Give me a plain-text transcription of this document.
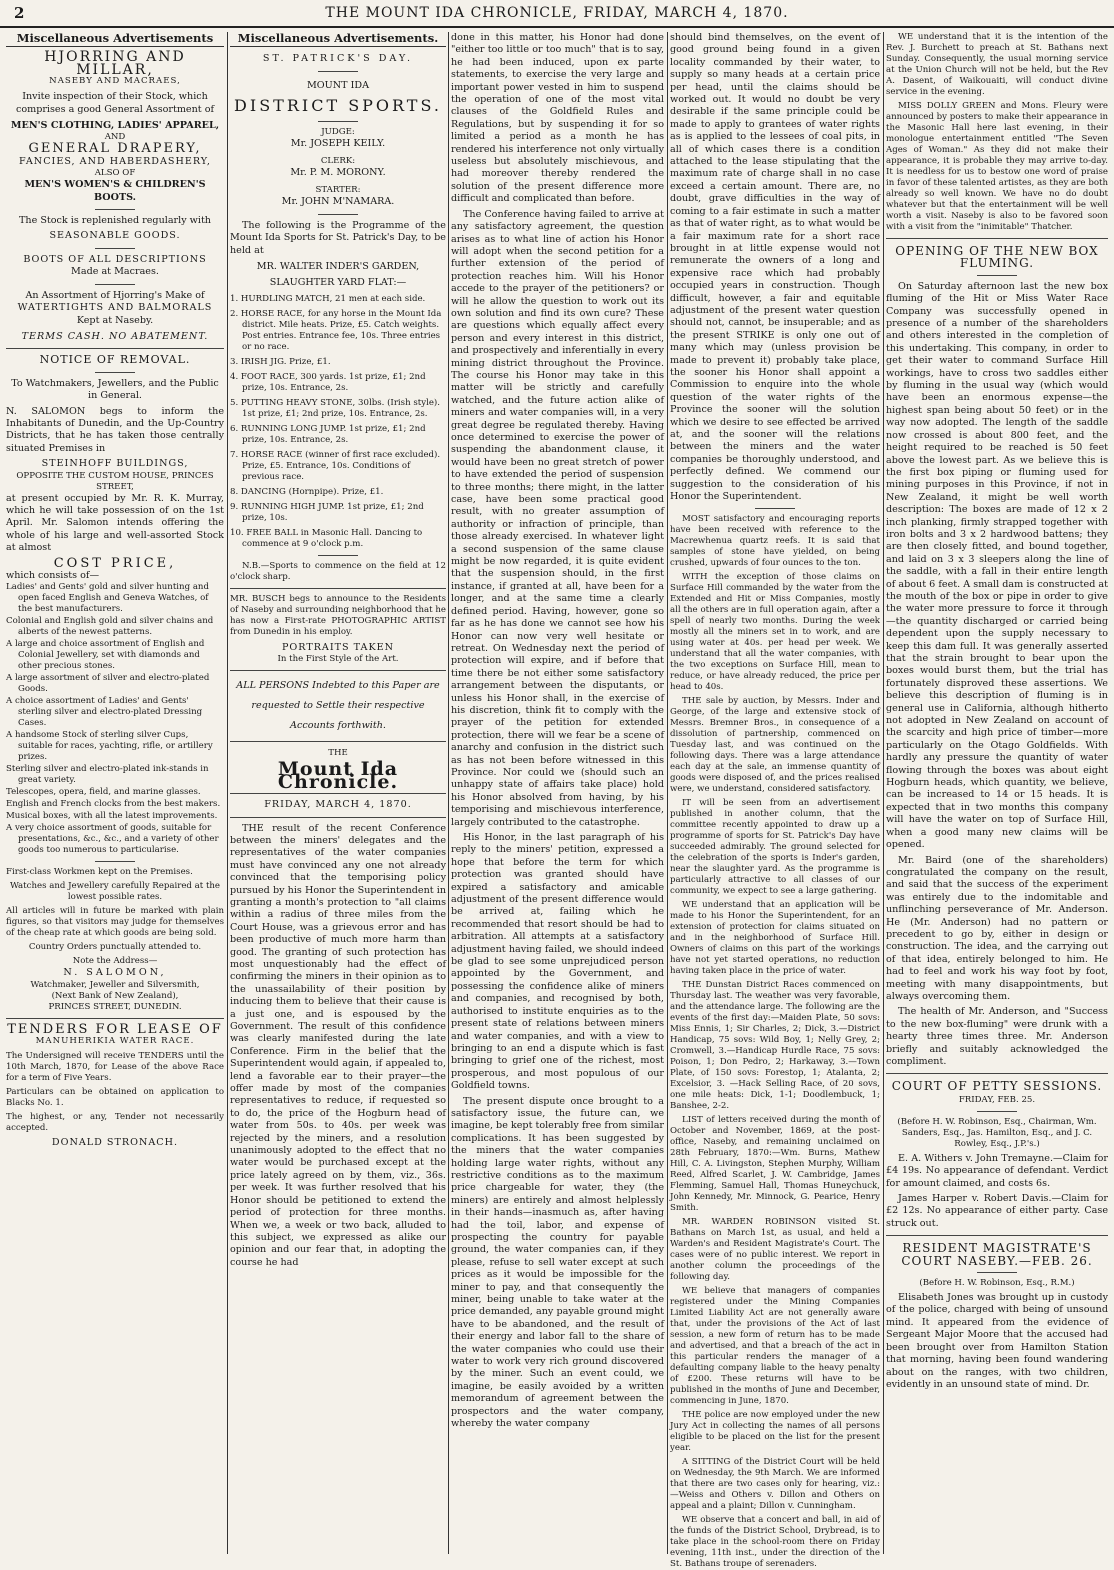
2	THE MOUNT IDA CHRONICLE, FRIDAY, MARCH 4, 1870.
Miscellaneous Advertisements
HJORRING AND MILLAR,
NASEBY AND MACRAES,

Invite inspection of their Stock, which comprises a good General Assortment of

MEN'S CLOTHING, LADIES' APPAREL,
AND
GENERAL DRAPERY,
FANCIES, AND HABERDASHERY,
ALSO OF
MEN'S WOMEN'S & CHILDREN'S BOOTS.
The Stock is replenished regularly with
SEASONABLE GOODS.
BOOTS OF ALL DESCRIPTIONS
Made at Macraes.
An Assortment of Hjorring's Make of
WATERTIGHTS AND BALMORALS
Kept at Naseby.
TERMS CASH. NO ABATEMENT.
NOTICE OF REMOVAL.

To Watchmakers, Jewellers, and the Public in General.

N. SALOMON begs to inform the Inhabitants of Dunedin, and the Up-Country Districts, that he has taken those centrally situated Premises in

STEINHOFF BUILDINGS,
OPPOSITE THE CUSTOM HOUSE, PRINCES STREET,

at present occupied by Mr. R. K. Murray, which he will take possession of on the 1st April. Mr. Salomon intends offering the whole of his large and well-assorted Stock at almost

COST PRICE,
which consists of—
Ladies' and Gents' gold and silver hunting and open faced English and Geneva Watches, of the best manufacturers.
Colonial and English gold and silver chains and alberts of the newest patterns.
A large and choice assortment of English and Colonial Jewellery, set with diamonds and other precious stones.
A large assortment of silver and electro-plated Goods.
A choice assortment of Ladies' and Gents' sterling silver and electro-plated Dressing Cases.
A handsome Stock of sterling silver Cups, suitable for races, yachting, rifle, or artillery prizes.
Sterling silver and electro-plated ink-stands in great variety.
Telescopes, opera, field, and marine glasses.
English and French clocks from the best makers.
Musical boxes, with all the latest improvements.
A very choice assortment of goods, suitable for presentations, &c., &c., and a variety of other goods too numerous to particularise.

First-class Workmen kept on the Premises.

Watches and Jewellery carefully Repaired at the lowest possible rates.

All articles will in future be marked with plain figures, so that visitors may judge for themselves of the cheap rate at which goods are being sold.

Country Orders punctually attended to.

Note the Address—
N. SALOMON,
Watchmaker, Jeweller and Silversmith,
(Next Bank of New Zealand),
PRINCES STREET, DUNEDIN.
TENDERS FOR LEASE OF
MANUHERIKIA WATER RACE.

The Undersigned will receive TENDERS until the 10th March, 1870, for Lease of the above Race for a term of Five Years.

Particulars can be obtained on application to Blacks No. 1.

The highest, or any, Tender not necessarily accepted.

DONALD STRONACH.
Miscellaneous Advertisements.
ST. PATRICK'S DAY.
MOUNT IDA
DISTRICT SPORTS.
JUDGE:
Mr. JOSEPH KEILY.
CLERK:
Mr. P. M. MORONY.
STARTER:
Mr. JOHN M'NAMARA.

The following is the Programme of the Mount Ida Sports for St. Patrick's Day, to be held at

MR. WALTER INDER'S GARDEN,
SLAUGHTER YARD FLAT:—
1. HURDLING MATCH, 21 men at each side.
2. HORSE RACE, for any horse in the Mount Ida district. Mile heats. Prize, £5. Catch weights. Post entries. Entrance fee, 10s. Three entries or no race.
3. IRISH JIG. Prize, £1.
4. FOOT RACE, 300 yards. 1st prize, £1; 2nd prize, 10s. Entrance, 2s.
5. PUTTING HEAVY STONE, 30lbs. (Irish style). 1st prize, £1; 2nd prize, 10s. Entrance, 2s.
6. RUNNING LONG JUMP. 1st prize, £1; 2nd prize, 10s. Entrance, 2s.
7. HORSE RACE (winner of first race excluded). Prize, £5. Entrance, 10s. Conditions of previous race.
8. DANCING (Hornpipe). Prize, £1.
9. RUNNING HIGH JUMP. 1st prize, £1; 2nd prize, 10s.
10. FREE BALL in Masonic Hall. Dancing to commence at 9 o'clock p.m.

N.B.—Sports to commence on the field at 12 o'clock sharp.

MR. BUSCH begs to announce to the Residents of Naseby and surrounding neighborhood that he has now a First-rate PHOTOGRAPHIC ARTIST from Dunedin in his employ.

PORTRAITS TAKEN
In the First Style of the Art.

ALL PERSONS Indebted to this Paper are requested to Settle their respective Accounts forthwith.

THE
Mount Ida Chronicle.
FRIDAY, MARCH 4, 1870.

THE result of the recent Conference between the miners' delegates and the representatives of the water companies must have convinced any one not already convinced that the temporising policy pursued by his Honor the Superintendent in granting a month's protection to "all claims within a radius of three miles from the Court House, was a grievous error and has been productive of much more harm than good. The granting of such protection has most unquestionably had the effect of confirming the miners in their opinion as to the unassailability of their position by inducing them to believe that their cause is a just one, and is espoused by the Government. The result of this confidence was clearly manifested during the late Conference. Firm in the belief that the Superintendent would again, if appealed to, lend a favorable ear to their prayer—the offer made by most of the companies representatives to reduce, if requested so to do, the price of the Hogburn head of water from 50s. to 40s. per week was rejected by the miners, and a resolution unanimously adopted to the effect that no water would be purchased except at the price lately agreed on by them, viz., 36s. per week. It was further resolved that his Honor should be petitioned to extend the period of protection for three months. When we, a week or two back, alluded to this subject, we expressed as alike our opinion and our fear that, in adopting the course he had

done in this matter, his Honor had done "either too little or too much" that is to say, he had been induced, upon ex parte statements, to exercise the very large and important power vested in him to suspend the operation of one of the most vital clauses of the Goldfield Rules and Regulations, but by suspending it for so limited a period as a month he has rendered his interference not only virtually useless but absolutely mischievous, and had moreover thereby rendered the solution of the present difference more difficult and complicated than before.

The Conference having failed to arrive at any satisfactory agreement, the question arises as to what line of action his Honor will adopt when the second petition for a further extension of the period of protection reaches him. Will his Honor accede to the prayer of the petitioners? or will he allow the question to work out its own solution and find its own cure? These are questions which equally affect every person and every interest in this district, and prospectively and inferentially in every mining district throughout the Province. The course his Honor may take in this matter will be strictly and carefully watched, and the future action alike of miners and water companies will, in a very great degree be regulated thereby. Having once determined to exercise the power of suspending the abandonment clause, it would have been no great stretch of power to have extended the period of suspension to three months; there might, in the latter case, have been some practical good result, with no greater assumption of authority or infraction of principle, than those already exercised. In whatever light a second suspension of the same clause might be now regarded, it is quite evident that the suspension should, in the first instance, if granted at all, have been for a longer, and at the same time a clearly defined period. Having, however, gone so far as he has done we cannot see how his Honor can now very well hesitate or retreat. On Wednesday next the period of protection will expire, and if before that time there be not either some satisfactory arrangement between the disputants, or unless his Honor shall, in the exercise of his discretion, think fit to comply with the prayer of the petition for extended protection, there will we fear be a scene of anarchy and confusion in the district such as has not been before witnessed in this Province. Nor could we (should such an unhappy state of affairs take place) hold his Honor absolved from having, by his temporising and mischievous interference, largely contributed to the catastrophe.

His Honor, in the last paragraph of his reply to the miners' petition, expressed a hope that before the term for which protection was granted should have expired a satisfactory and amicable adjustment of the present difference would be arrived at, failing which he recommended that resort should be had to arbitration. All attempts at a satisfactory adjustment having failed, we should indeed be glad to see some unprejudiced person appointed by the Government, and possessing the confidence alike of miners and companies, and recognised by both, authorised to institute enquiries as to the present state of relations between miners and water companies, and with a view to bringing to an end a dispute which is fast bringing to grief one of the richest, most prosperous, and most populous of our Goldfield towns.

The present dispute once brought to a satisfactory issue, the future can, we imagine, be kept tolerably free from similar complications. It has been suggested by the miners that the water companies holding large water rights, without any restrictive conditions as to the maximum price chargeable for water, they (the miners) are entirely and almost helplessly in their hands—inasmuch as, after having had the toil, labor, and expense of prospecting the country for payable ground, the water companies can, if they please, refuse to sell water except at such prices as it would be impossible for the miner to pay, and that consequently the miner, being unable to take water at the price demanded, any payable ground might have to be abandoned, and the result of their energy and labor fall to the share of the water companies who could use their water to work very rich ground discovered by the miner. Such an event could, we imagine, be easily avoided by a written memorandum of agreement between the prospectors and the water company, whereby the water company

should bind themselves, on the event of good ground being found in a given locality commanded by their water, to supply so many heads at a certain price per head, until the claims should be worked out. It would no doubt be very desirable if the same principle could be made to apply to grantees of water rights as is applied to the lessees of coal pits, in all of which cases there is a condition attached to the lease stipulating that the maximum rate of charge shall in no case exceed a certain amount. There are, no doubt, grave difficulties in the way of coming to a fair estimate in such a matter as that of water right, as to what would be a fair maximum rate for a short race brought in at little expense would not remunerate the owners of a long and expensive race which had probably occupied years in construction. Though difficult, however, a fair and equitable adjustment of the present water question should not, cannot, be insuperable; and as the present STRIKE is only one out of many which may (unless provision be made to prevent it) probably take place, the sooner his Honor shall appoint a Commission to enquire into the whole question of the water rights of the Province the sooner will the solution which we desire to see effected be arrived at, and the sooner will the relations between the miners and the water companies be thoroughly understood, and perfectly defined. We commend our suggestion to the consideration of his Honor the Superintendent.

MOST satisfactory and encouraging reports have been received with reference to the Macrewhenua quartz reefs. It is said that samples of stone have yielded, on being crushed, upwards of four ounces to the ton.

WITH the exception of those claims on Surface Hill commanded by the water from the Extended and Hit or Miss Companies, mostly all the others are in full operation again, after a spell of nearly two months. During the week mostly all the miners set in to work, and are using water at 40s. per head per week. We understand that all the water companies, with the two exceptions on Surface Hill, mean to reduce, or have already reduced, the price per head to 40s.

THE sale by auction, by Messrs. Inder and George, of the large and extensive stock of Messrs. Bremner Bros., in consequence of a dissolution of partnership, commenced on Tuesday last, and was continued on the following days. There was a large attendance each day at the sale, an immense quantity of goods were disposed of, and the prices realised were, we understand, considered satisfactory.

IT will be seen from an advertisement published in another column, that the committee recently appointed to draw up a programme of sports for St. Patrick's Day have succeeded admirably. The ground selected for the celebration of the sports is Inder's garden, near the slaughter yard. As the programme is particularly attractive to all classes of our community, we expect to see a large gathering.

WE understand that an application will be made to his Honor the Superintendent, for an extension of protection for claims situated on and in the neighborhood of Surface Hill. Owners of claims on this part of the workings have not yet started operations, no reduction having taken place in the price of water.

THE Dunstan District Races commenced on Thursday last. The weather was very favorable, and the attendance large. The following are the events of the first day:—Maiden Plate, 50 sovs: Miss Ennis, 1; Sir Charles, 2; Dick, 3.—District Handicap, 75 sovs: Wild Boy, 1; Nelly Grey, 2; Cromwell, 3.—Handicap Hurdle Race, 75 sovs: Poison, 1; Don Pedro, 2; Harkaway, 3.—Town Plate, of 150 sovs: Forestop, 1; Atalanta, 2; Excelsior, 3. —Hack Selling Race, of 20 sovs, one mile heats: Dick, 1-1; Doodlembuck, 1; Banshee, 2-2.

LIST of letters received during the month of October and November, 1869, at the post-office, Naseby, and remaining unclaimed on 28th February, 1870:—Wm. Burns, Mathew Hill, C. A. Livingston, Stephen Murphy, William Reed, Alfred Scarlet, J. W. Cambridge, James Flemming, Samuel Hall, Thomas Huneychuck, John Kennedy, Mr. Minnock, G. Pearice, Henry Smith.

MR. WARDEN ROBINSON visited St. Bathans on March 1st, as usual, and held a Warden's and Resident Magistrate's Court. The cases were of no public interest. We report in another column the proceedings of the following day.

WE believe that managers of companies registered under the Mining Companies Limited Liability Act are not generally aware that, under the provisions of the Act of last session, a new form of return has to be made and advertised, and that a breach of the act in this particular renders the manager of a defaulting company liable to the heavy penalty of £200. These returns will have to be published in the months of June and December, commencing in June, 1870.

THE police are now employed under the new Jury Act in collecting the names of all persons eligible to be placed on the list for the present year.

A SITTING of the District Court will be held on Wednesday, the 9th March. We are informed that there are two cases only for hearing, viz.:—Weiss and Others v. Dillon and Others on appeal and a plaint; Dillon v. Cunningham.

WE observe that a concert and ball, in aid of the funds of the District School, Drybread, is to take place in the school-room there on Friday evening, 11th inst., under the direction of the St. Bathans troupe of serenaders.

WE understand that it is the intention of the Rev. J. Burchett to preach at St. Bathans next Sunday. Consequently, the usual morning service at the Union Church will not be held, but the Rev A. Dasent, of Waikouaiti, will conduct divine service in the evening.

MISS DOLLY GREEN and Mons. Fleury were announced by posters to make their appearance in the Masonic Hall here last evening, in their monologue entertainment entitled "The Seven Ages of Woman." As they did not make their appearance, it is probable they may arrive to-day. It is needless for us to bestow one word of praise in favor of these talented artistes, as they are both already so well known. We have no do doubt whatever but that the entertainment will be well worth a visit. Naseby is also to be favored soon with a visit from the "inimitable" Thatcher.

OPENING OF THE NEW BOX FLUMING.

On Saturday afternoon last the new box fluming of the Hit or Miss Water Race Company was successfully opened in presence of a number of the shareholders and others interested in the completion of this undertaking. This company, in order to get their water to command Surface Hill workings, have to cross two saddles either by fluming in the usual way (which would have been an enormous expense—the highest span being about 50 feet) or in the way now adopted. The length of the saddle now crossed is about 800 feet, and the height required to be reached is 50 feet above the lowest part. As we believe this is the first box piping or fluming used for mining purposes in this Province, if not in New Zealand, it might be well worth description: The boxes are made of 12 x 2 inch planking, firmly strapped together with iron bolts and 3 x 2 hardwood battens; they are then closely fitted, and bound together, and laid on 3 x 3 sleepers along the line of the saddle, with a fall in their entire length of about 6 feet. A small dam is constructed at the mouth of the box or pipe in order to give the water more pressure to force it through—the quantity discharged or carried being dependent upon the supply necessary to keep this dam full. It was generally asserted that the strain brought to bear upon the boxes would burst them, but the trial has fortunately disproved these assertions. We believe this description of fluming is in general use in California, although hitherto not adopted in New Zealand on account of the scarcity and high price of timber—more particularly on the Otago Goldfields. With hardly any pressure the quantity of water flowing through the boxes was about eight Hogburn heads, which quantity, we believe, can be increased to 14 or 15 heads. It is expected that in two months this company will have the water on top of Surface Hill, when a good many new claims will be opened.

Mr. Baird (one of the shareholders) congratulated the company on the result, and said that the success of the experiment was entirely due to the indomitable and unflinching perseverance of Mr. Anderson. He (Mr. Anderson) had no pattern or precedent to go by, either in design or construction. The idea, and the carrying out of that idea, entirely belonged to him. He had to feel and work his way foot by foot, meeting with many disappointments, but always overcoming them.

The health of Mr. Anderson, and "Success to the new box-fluming" were drunk with a hearty three times three. Mr. Anderson briefly and suitably acknowledged the compliment.

COURT OF PETTY SESSIONS.
FRIDAY, FEB. 25.

(Before H. W. Robinson, Esq., Chairman, Wm. Sanders, Esq., Jas. Hamilton, Esq., and J. C. Rowley, Esq., J.P.'s.)

E. A. Withers v. John Tremayne.—Claim for £4 19s. No appearance of defendant. Verdict for amount claimed, and costs 6s.

James Harper v. Robert Davis.—Claim for £2 12s. No appearance of either party. Case struck out.

RESIDENT MAGISTRATE'S COURT NASEBY.—FEB. 26.

(Before H. W. Robinson, Esq., R.M.)

Elisabeth Jones was brought up in custody of the police, charged with being of unsound mind. It appeared from the evidence of Sergeant Major Moore that the accused had been brought over from Hamilton Station that morning, having been found wandering about on the ranges, with two children, evidently in an unsound state of mind. Dr.
